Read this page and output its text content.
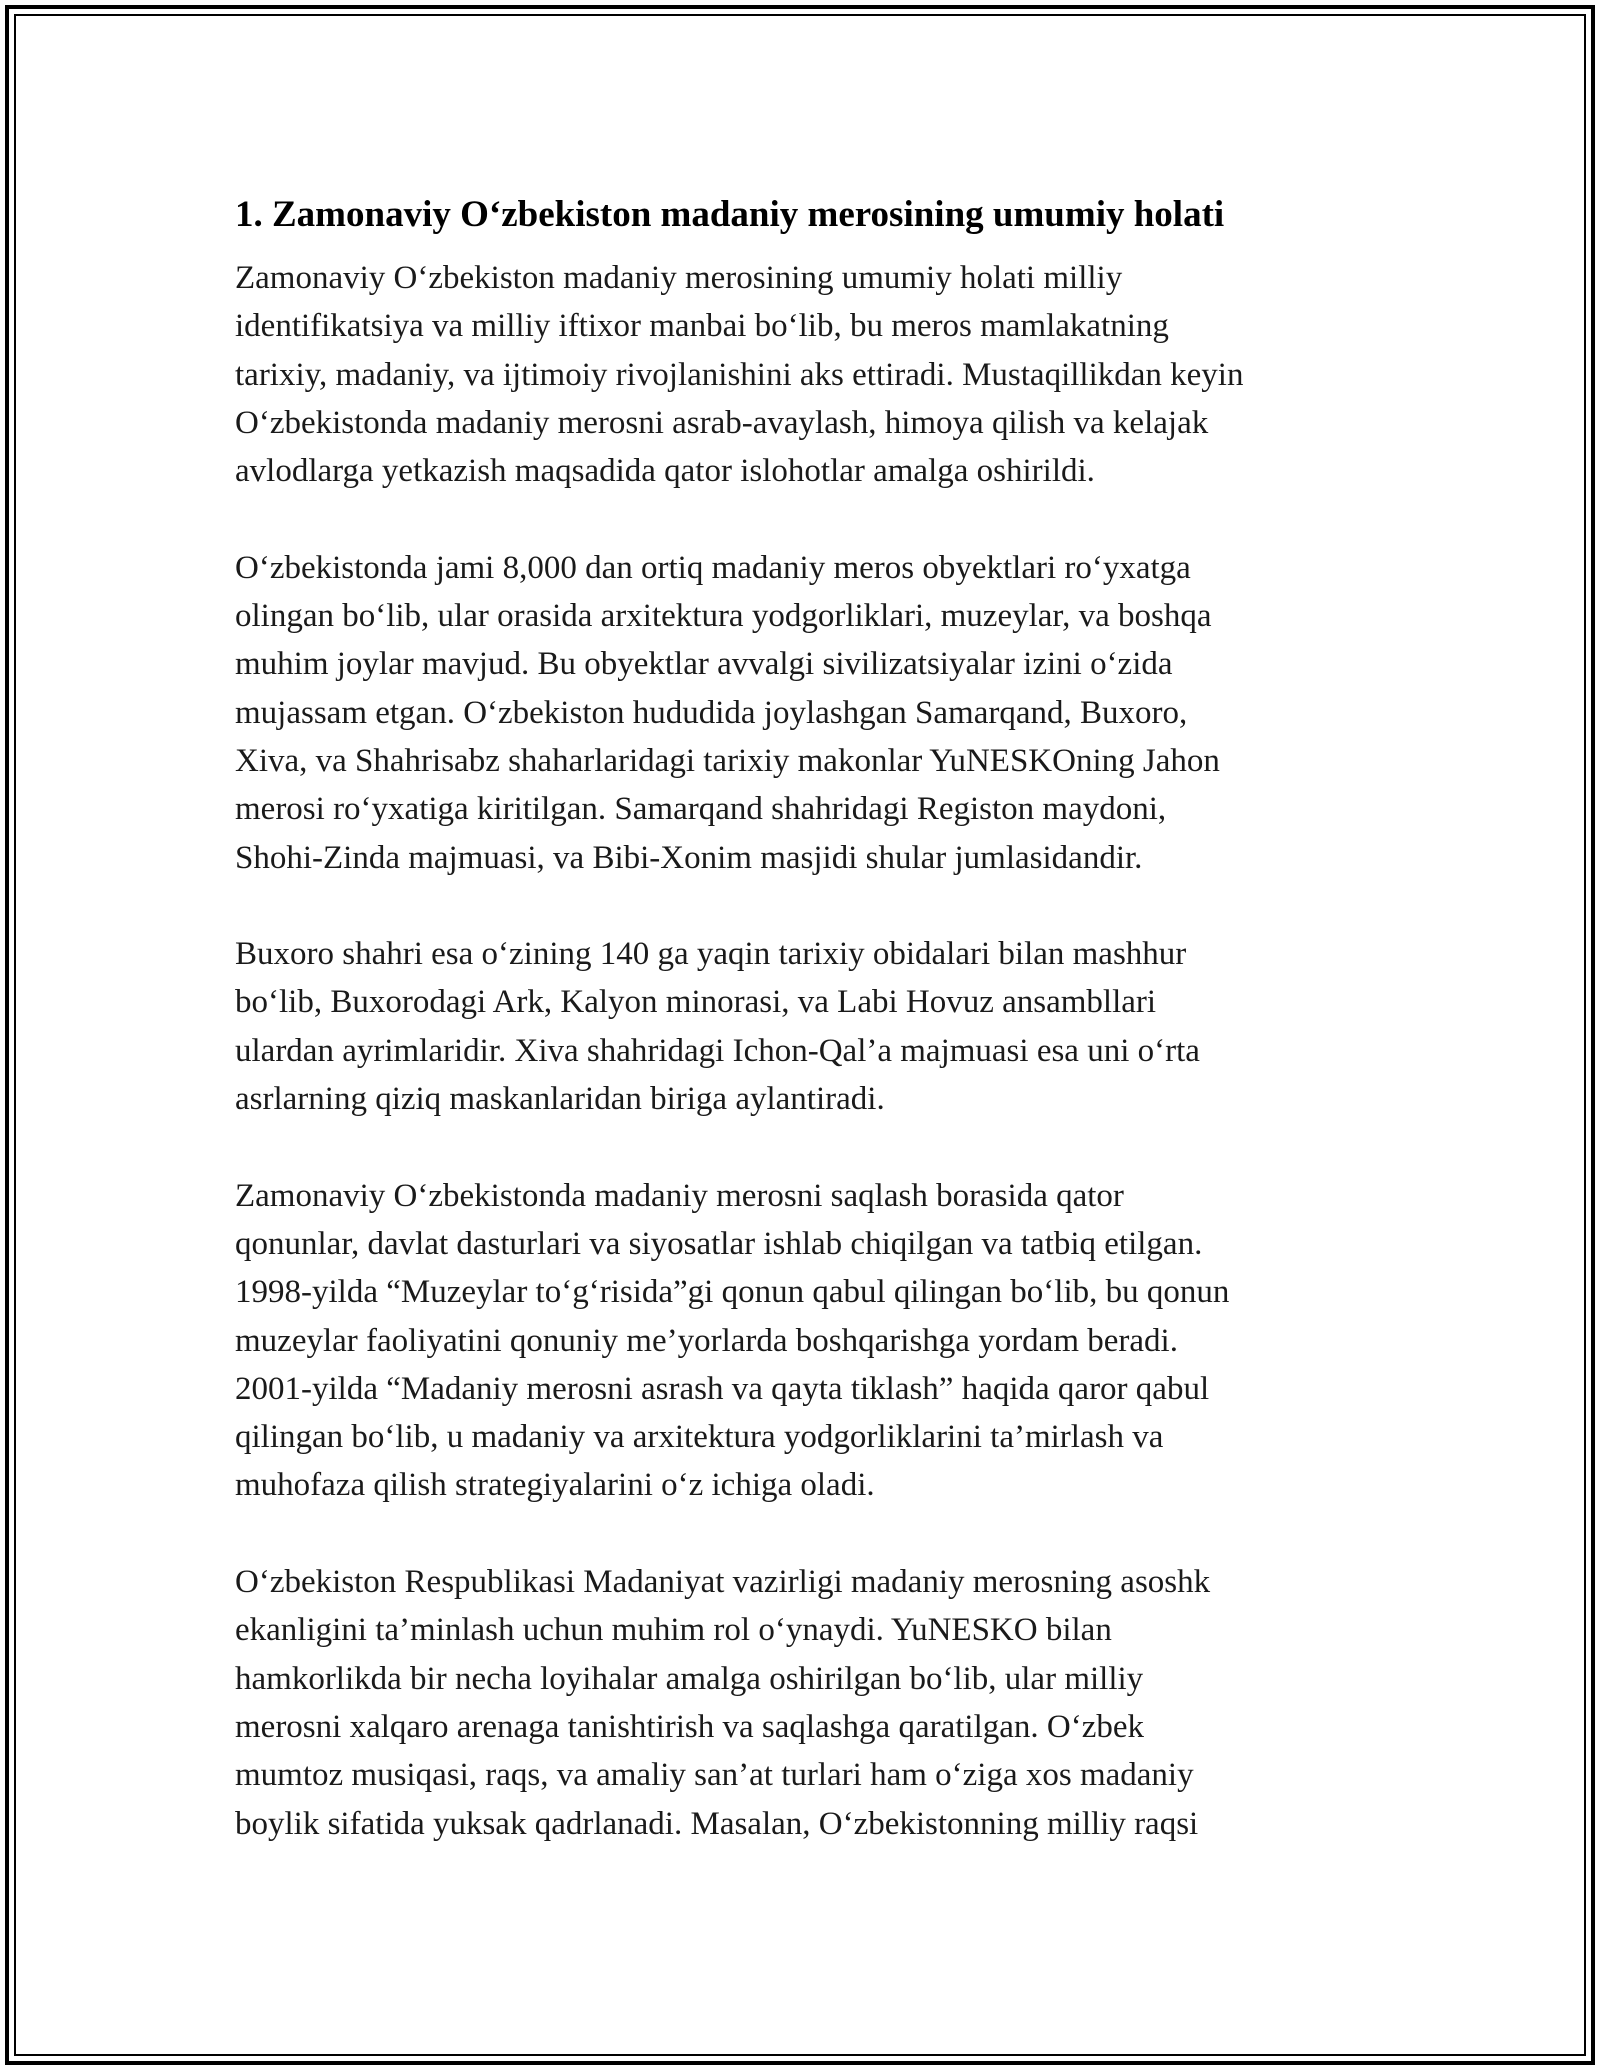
1. Zamonaviy O‘zbekiston madaniy merosining umumiy holati

Zamonaviy O‘zbekiston madaniy merosining umumiy holati milliy
identifikatsiya va milliy iftixor manbai bo‘lib, bu meros mamlakatning
tarixiy, madaniy, va ijtimoiy rivojlanishini aks ettiradi. Mustaqillikdan keyin
O‘zbekistonda madaniy merosni asrab-avaylash, himoya qilish va kelajak
avlodlarga yetkazish maqsadida qator islohotlar amalga oshirildi.

O‘zbekistonda jami 8,000 dan ortiq madaniy meros obyektlari ro‘yxatga
olingan bo‘lib, ular orasida arxitektura yodgorliklari, muzeylar, va boshqa
muhim joylar mavjud. Bu obyektlar avvalgi sivilizatsiyalar izini o‘zida
mujassam etgan. O‘zbekiston hududida joylashgan Samarqand, Buxoro,
Xiva, va Shahrisabz shaharlaridagi tarixiy makonlar YuNESKOning Jahon
merosi ro‘yxatiga kiritilgan. Samarqand shahridagi Registon maydoni,
Shohi-Zinda majmuasi, va Bibi-Xonim masjidi shular jumlasidandir.

Buxoro shahri esa o‘zining 140 ga yaqin tarixiy obidalari bilan mashhur
bo‘lib, Buxorodagi Ark, Kalyon minorasi, va Labi Hovuz ansambllari
ulardan ayrimlaridir. Xiva shahridagi Ichon-Qal’a majmuasi esa uni o‘rta
asrlarning qiziq maskanlaridan biriga aylantiradi.

Zamonaviy O‘zbekistonda madaniy merosni saqlash borasida qator
qonunlar, davlat dasturlari va siyosatlar ishlab chiqilgan va tatbiq etilgan.
1998-yilda “Muzeylar to‘g‘risida”gi qonun qabul qilingan bo‘lib, bu qonun
muzeylar faoliyatini qonuniy me’yorlarda boshqarishga yordam beradi.
2001-yilda “Madaniy merosni asrash va qayta tiklash” haqida qaror qabul
qilingan bo‘lib, u madaniy va arxitektura yodgorliklarini ta’mirlash va
muhofaza qilish strategiyalarini o‘z ichiga oladi.

O‘zbekiston Respublikasi Madaniyat vazirligi madaniy merosning asoshk
ekanligini ta’minlash uchun muhim rol o‘ynaydi. YuNESKO bilan
hamkorlikda bir necha loyihalar amalga oshirilgan bo‘lib, ular milliy
merosni xalqaro arenaga tanishtirish va saqlashga qaratilgan. O‘zbek
mumtoz musiqasi, raqs, va amaliy san’at turlari ham o‘ziga xos madaniy
boylik sifatida yuksak qadrlanadi. Masalan, O‘zbekistonning milliy raqsi
